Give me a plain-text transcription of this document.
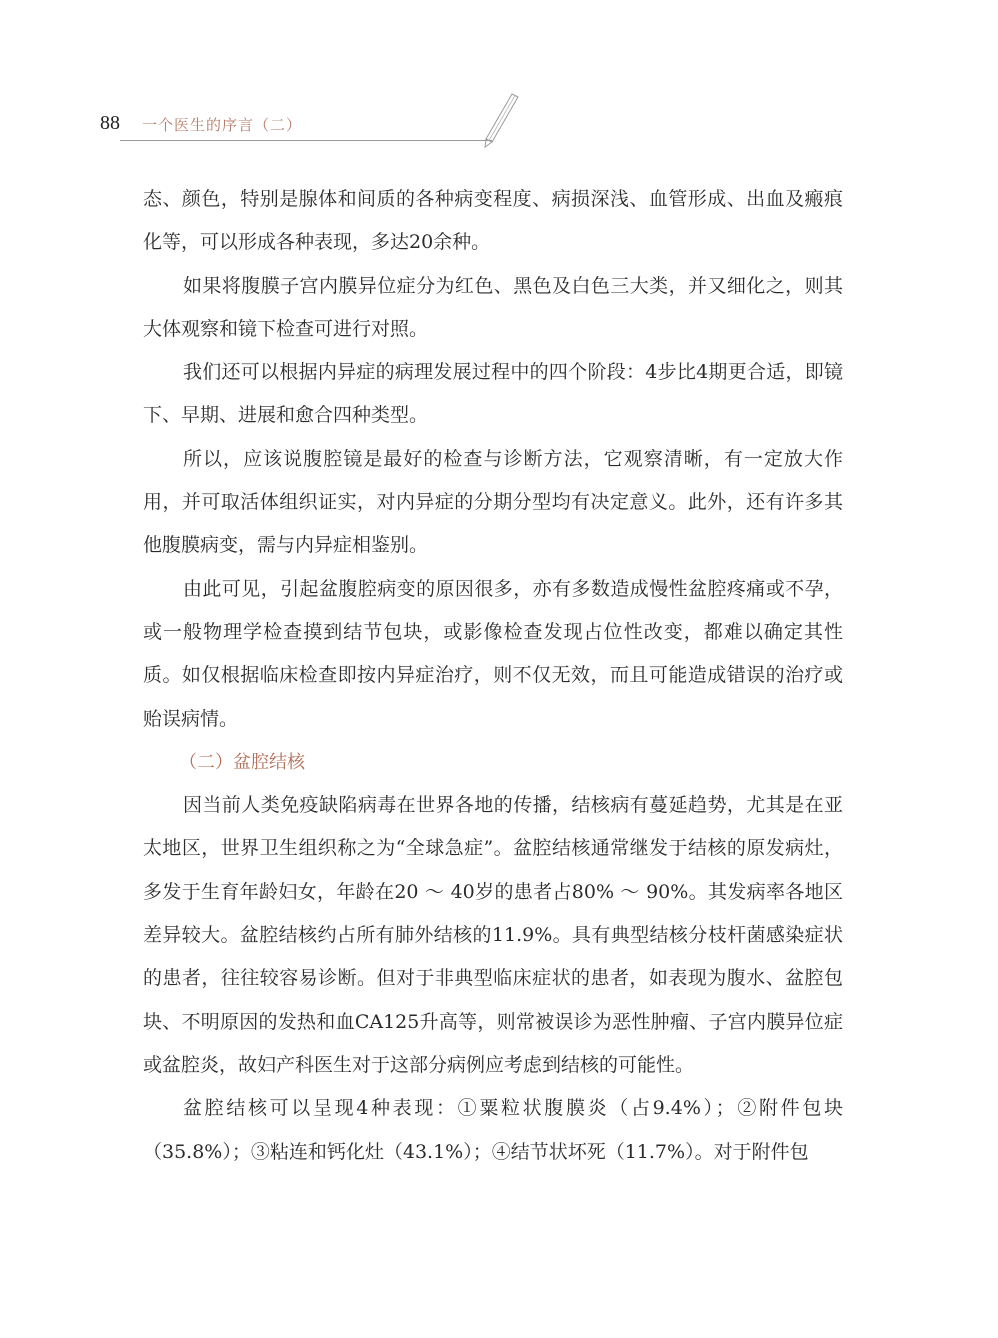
88 一个医生的序言（二）

态、颜色，特别是腺体和间质的各种病变程度、病损深浅、血管形成、出血及瘢痕化等，可以形成各种表现，多达20余种。

如果将腹膜子宫内膜异位症分为红色、黑色及白色三大类，并又细化之，则其大体观察和镜下检查可进行对照。

我们还可以根据内异症的病理发展过程中的四个阶段：4步比4期更合适，即镜下、早期、进展和愈合四种类型。

所以，应该说腹腔镜是最好的检查与诊断方法，它观察清晰，有一定放大作用，并可取活体组织证实，对内异症的分期分型均有决定意义。此外，还有许多其他腹膜病变，需与内异症相鉴别。

由此可见，引起盆腹腔病变的原因很多，亦有多数造成慢性盆腔疼痛或不孕，或一般物理学检查摸到结节包块，或影像检查发现占位性改变，都难以确定其性质。如仅根据临床检查即按内异症治疗，则不仅无效，而且可能造成错误的治疗或贻误病情。

（二）盆腔结核

因当前人类免疫缺陷病毒在世界各地的传播，结核病有蔓延趋势，尤其是在亚太地区，世界卫生组织称之为“全球急症”。盆腔结核通常继发于结核的原发病灶，多发于生育年龄妇女，年龄在20 ～ 40岁的患者占80% ～ 90%。其发病率各地区差异较大。盆腔结核约占所有肺外结核的11.9%。具有典型结核分枝杆菌感染症状的患者，往往较容易诊断。但对于非典型临床症状的患者，如表现为腹水、盆腔包块、不明原因的发热和血CA125升高等，则常被误诊为恶性肿瘤、子宫内膜异位症或盆腔炎，故妇产科医生对于这部分病例应考虑到结核的可能性。

盆腔结核可以呈现4种表现：①粟粒状腹膜炎（占9.4%）；②附件包块（35.8%）；③粘连和钙化灶（43.1%）；④结节状坏死（11.7%）。对于附件包
